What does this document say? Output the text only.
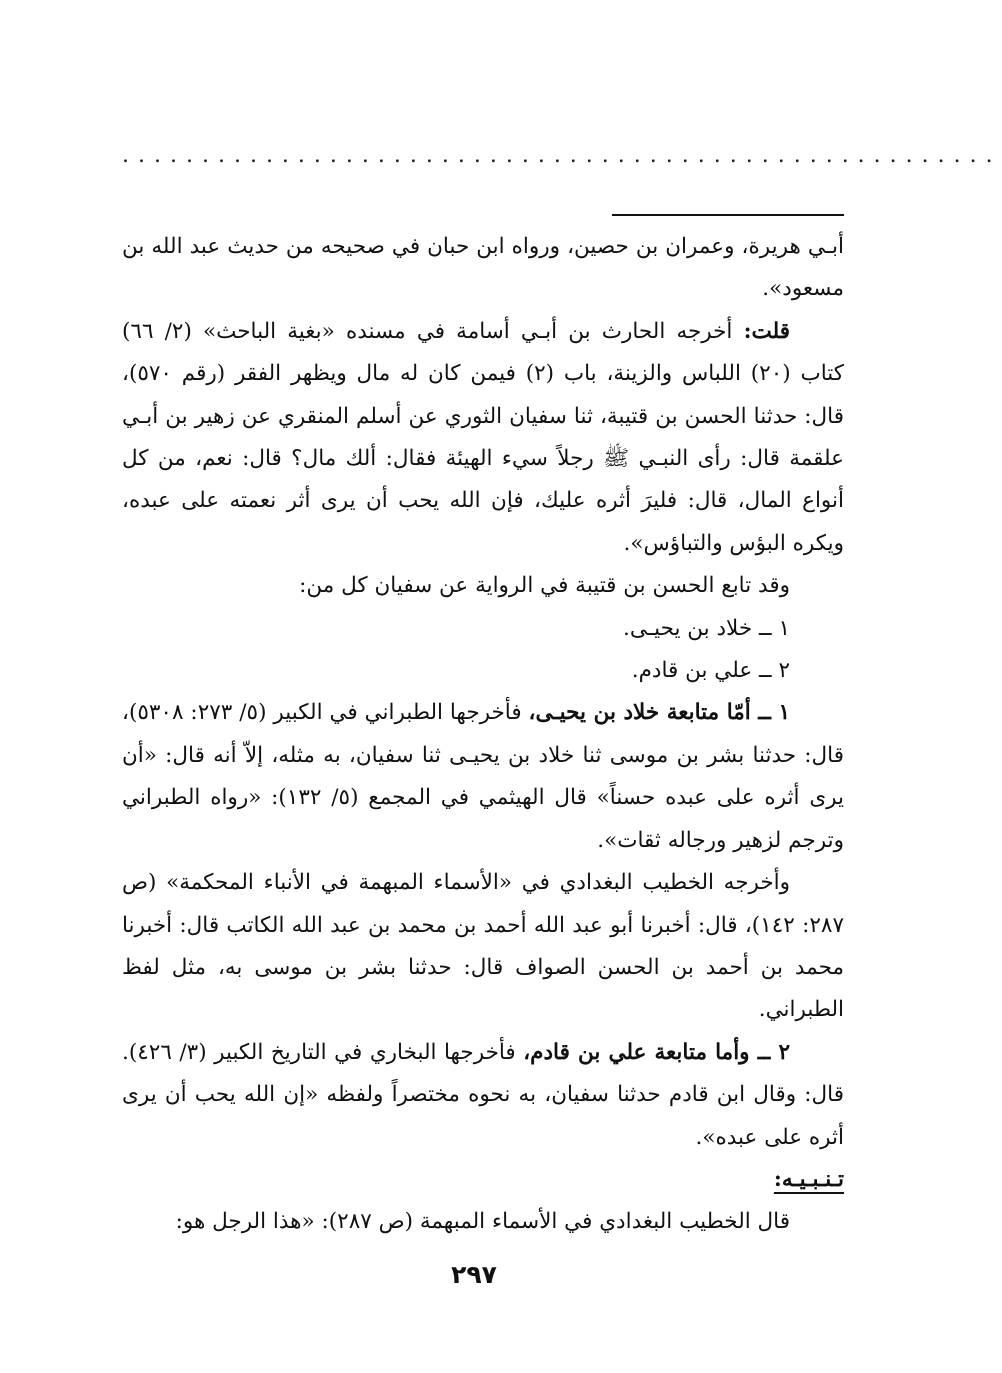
.......................................................

أبـي هريرة، وعمران بن حصين، ورواه ابن حبان في صحيحه من حديث عبد الله بن مسعود».

قلت: أخرجه الحارث بن أبـي أسامة في مسنده «بغية الباحث» (٢/ ٦٦) كتاب (٢٠) اللباس والزينة، باب (٢) فيمن كان له مال ويظهر الفقر (رقم ٥٧٠)، قال: حدثنا الحسن بن قتيبة، ثنا سفيان الثوري عن أسلم المنقري عن زهير بن أبـي علقمة قال: رأى النبـي ﷺ رجلاً سيء الهيئة فقال: ألك مال؟ قال: نعم، من كل أنواع المال، قال: فليرَ أثره عليك، فإن الله يحب أن يرى أثر نعمته على عبده، ويكره البؤس والتباؤس».

وقد تابع الحسن بن قتيبة في الرواية عن سفيان كل من:

١ ــ خلاد بن يحيـى.

٢ ــ علي بن قادم.

١ ــ أمّا متابعة خلاد بن يحيـى، فأخرجها الطبراني في الكبير (٥/ ٢٧٣: ٥٣٠٨)، قال: حدثنا بشر بن موسى ثنا خلاد بن يحيـى ثنا سفيان، به مثله، إلاّ أنه قال: «أن يرى أثره على عبده حسناً» قال الهيثمي في المجمع (٥/ ١٣٢): «رواه الطبراني وترجم لزهير ورجاله ثقات».

وأخرجه الخطيب البغدادي في «الأسماء المبهمة في الأنباء المحكمة» (ص ٢٨٧: ١٤٢)، قال: أخبرنا أبو عبد الله أحمد بن محمد بن عبد الله الكاتب قال: أخبرنا محمد بن أحمد بن الحسن الصواف قال: حدثنا بشر بن موسى به، مثل لفظ الطبراني.

٢ ــ وأما متابعة علي بن قادم، فأخرجها البخاري في التاريخ الكبير (٣/ ٤٢٦). قال: وقال ابن قادم حدثنا سفيان، به نحوه مختصراً ولفظه «إن الله يحب أن يرى أثره على عبده».

تـنـبـيـه:

قال الخطيب البغدادي في الأسماء المبهمة (ص ٢٨٧): «هذا الرجل هو:

٢٩٧
